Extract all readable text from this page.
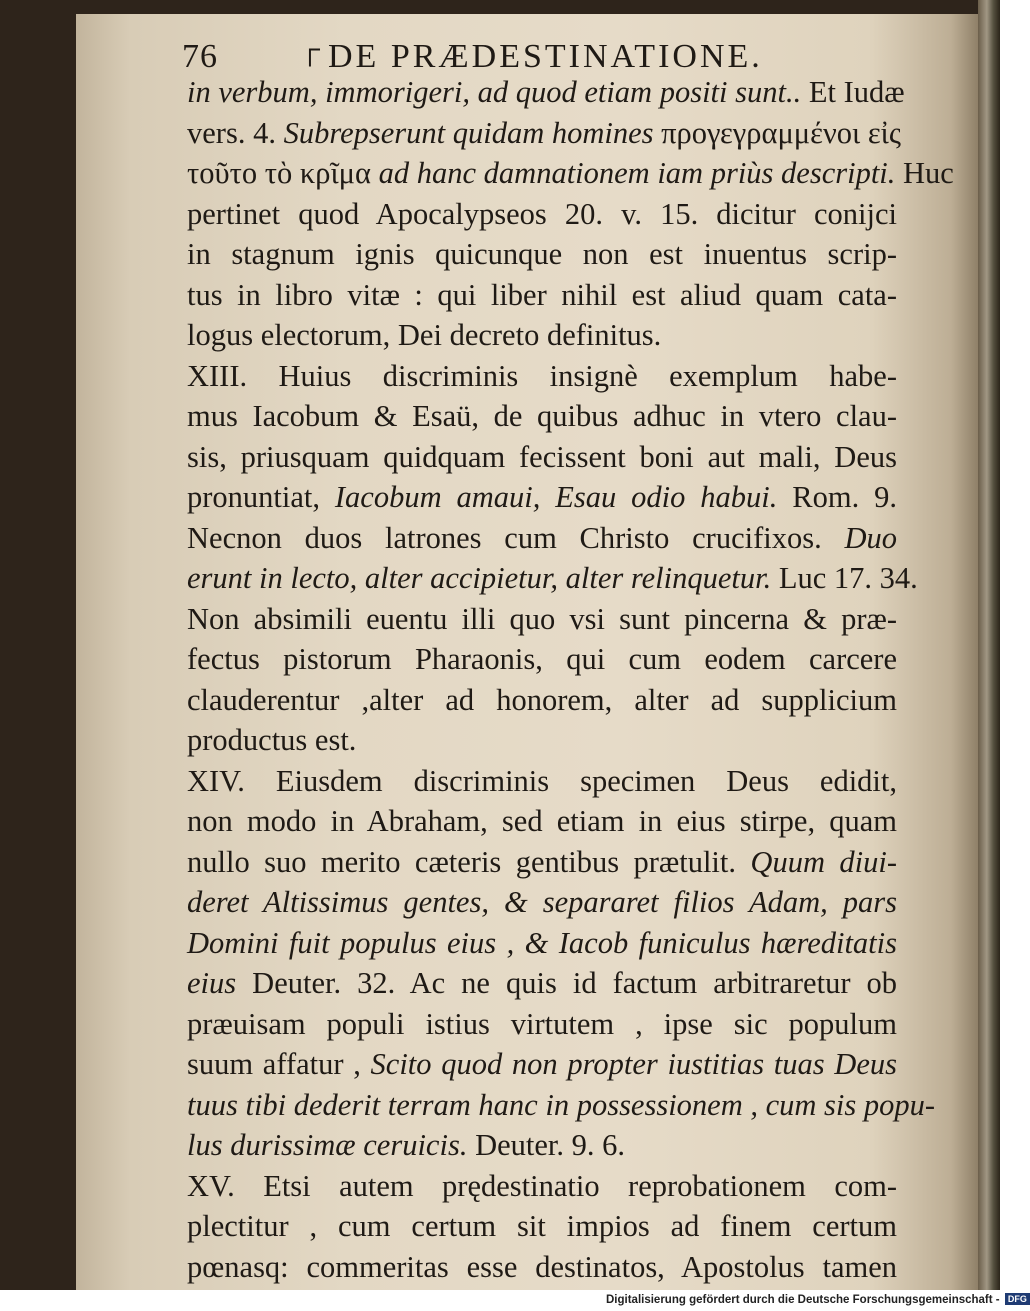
76	┌ DE PRÆDESTINATIONE.
in verbum, immorigeri, ad quod etiam positi sunt.. Et Iudæ
vers. 4. Subrepserunt quidam homines προγεγραμμένοι εἰς
τοῦτο τὸ κρῖμα ad hanc damnationem iam priùs descripti. Huc
pertinet quod Apocalypseos 20. v. 15. dicitur conijci
in stagnum ignis quicunque non est inuentus scrip-
tus in libro vitæ : qui liber nihil est aliud quam cata-
logus electorum, Dei decreto definitus.
XIII. Huius discriminis insignè exemplum habe-
mus Iacobum & Esaü, de quibus adhuc in vtero clau-
sis, priusquam quidquam fecissent boni aut mali, Deus
pronuntiat, Iacobum amaui, Esau odio habui. Rom. 9.
Necnon duos latrones cum Christo crucifixos. Duo
erunt in lecto, alter accipietur, alter relinquetur. Luc 17. 34.
Non absimili euentu illi quo vsi sunt pincerna & præ-
fectus pistorum Pharaonis, qui cum eodem carcere
clauderentur ,alter ad honorem, alter ad supplicium
productus est.
XIV. Eiusdem discriminis specimen Deus edidit,
non modo in Abraham, sed etiam in eius stirpe, quam
nullo suo merito cæteris gentibus prætulit. Quum diui-
deret Altissimus gentes, & separaret filios Adam, pars
Domini fuit populus eius , & Iacob funiculus hæreditatis
eius Deuter. 32. Ac ne quis id factum arbitraretur ob
præuisam populi istius virtutem , ipse sic populum
suum affatur , Scito quod non propter iustitias tuas Deus
tuus tibi dederit terram hanc in possessionem , cum sis popu-
lus durissimæ ceruicis. Deuter. 9. 6.
XV. Etsi autem prędestinatio reprobationem com-
plectitur , cum certum sit impios ad finem certum
pœnasq: commeritas esse destinatos, Apostolus tamen
Digitalisierung gefördert durch die Deutsche Forschungsgemeinschaft - DFG
